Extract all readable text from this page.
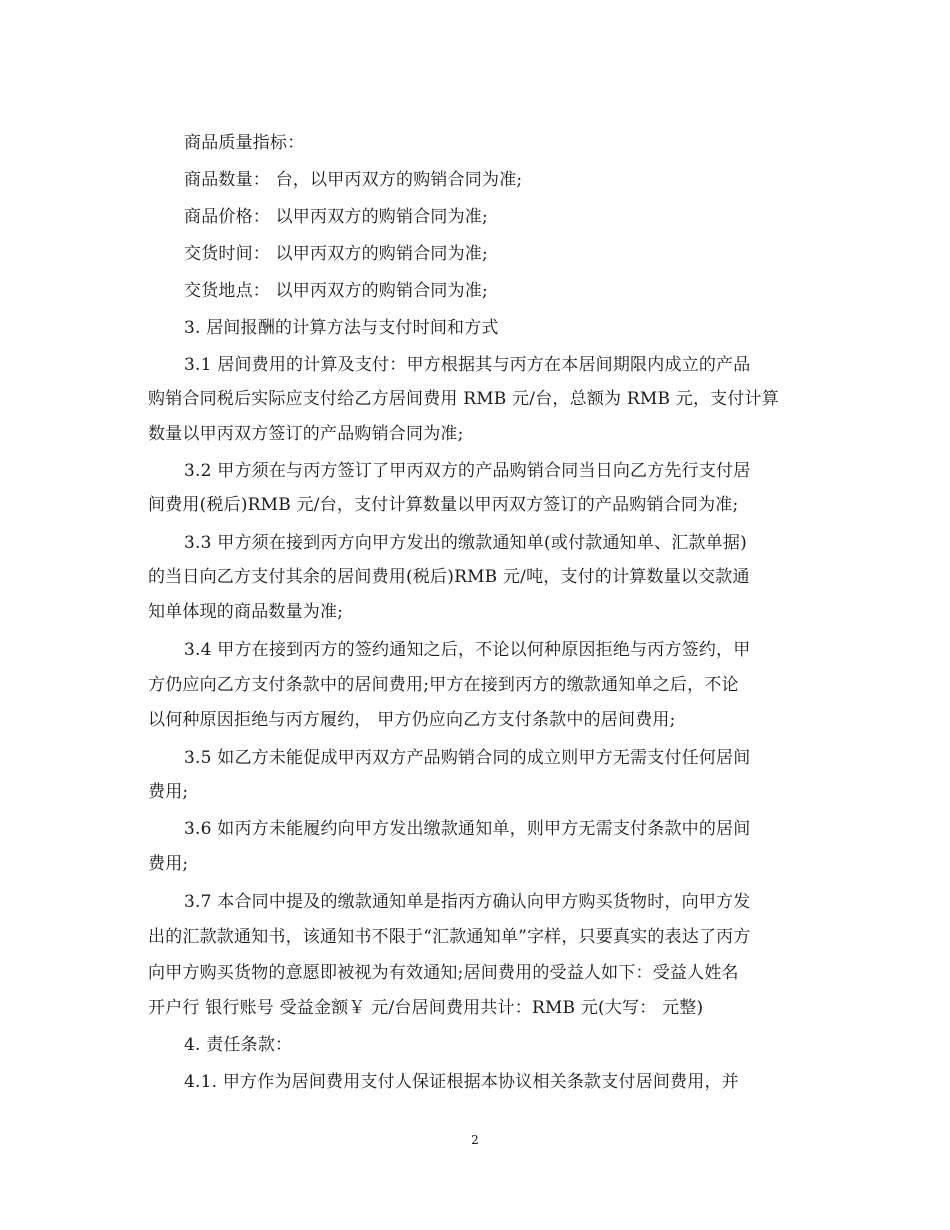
商品质量指标：
商品数量： 台，以甲丙双方的购销合同为准;
商品价格： 以甲丙双方的购销合同为准;
交货时间： 以甲丙双方的购销合同为准;
交货地点： 以甲丙双方的购销合同为准;
3. 居间报酬的计算方法与支付时间和方式
3.1 居间费用的计算及支付：甲方根据其与丙方在本居间期限内成立的产品
购销合同税后实际应支付给乙方居间费用 RMB 元/台，总额为 RMB 元，支付计算
数量以甲丙双方签订的产品购销合同为准;
3.2 甲方须在与丙方签订了甲丙双方的产品购销合同当日向乙方先行支付居
间费用(税后)RMB 元/台，支付计算数量以甲丙双方签订的产品购销合同为准;
3.3 甲方须在接到丙方向甲方发出的缴款通知单(或付款通知单、汇款单据)
的当日向乙方支付其余的居间费用(税后)RMB 元/吨，支付的计算数量以交款通
知单体现的商品数量为准;
3.4 甲方在接到丙方的签约通知之后，不论以何种原因拒绝与丙方签约，甲
方仍应向乙方支付条款中的居间费用;甲方在接到丙方的缴款通知单之后，不论
以何种原因拒绝与丙方履约， 甲方仍应向乙方支付条款中的居间费用;
3.5 如乙方未能促成甲丙双方产品购销合同的成立则甲方无需支付任何居间
费用;
3.6 如丙方未能履约向甲方发出缴款通知单，则甲方无需支付条款中的居间
费用;
3.7 本合同中提及的缴款通知单是指丙方确认向甲方购买货物时，向甲方发
出的汇款款通知书，该通知书不限于“汇款通知单”字样，只要真实的表达了丙方
向甲方购买货物的意愿即被视为有效通知;居间费用的受益人如下：受益人姓名
开户行 银行账号 受益金额￥ 元/台居间费用共计：RMB 元(大写： 元整)
4. 责任条款：
4.1. 甲方作为居间费用支付人保证根据本协议相关条款支付居间费用，并
2
